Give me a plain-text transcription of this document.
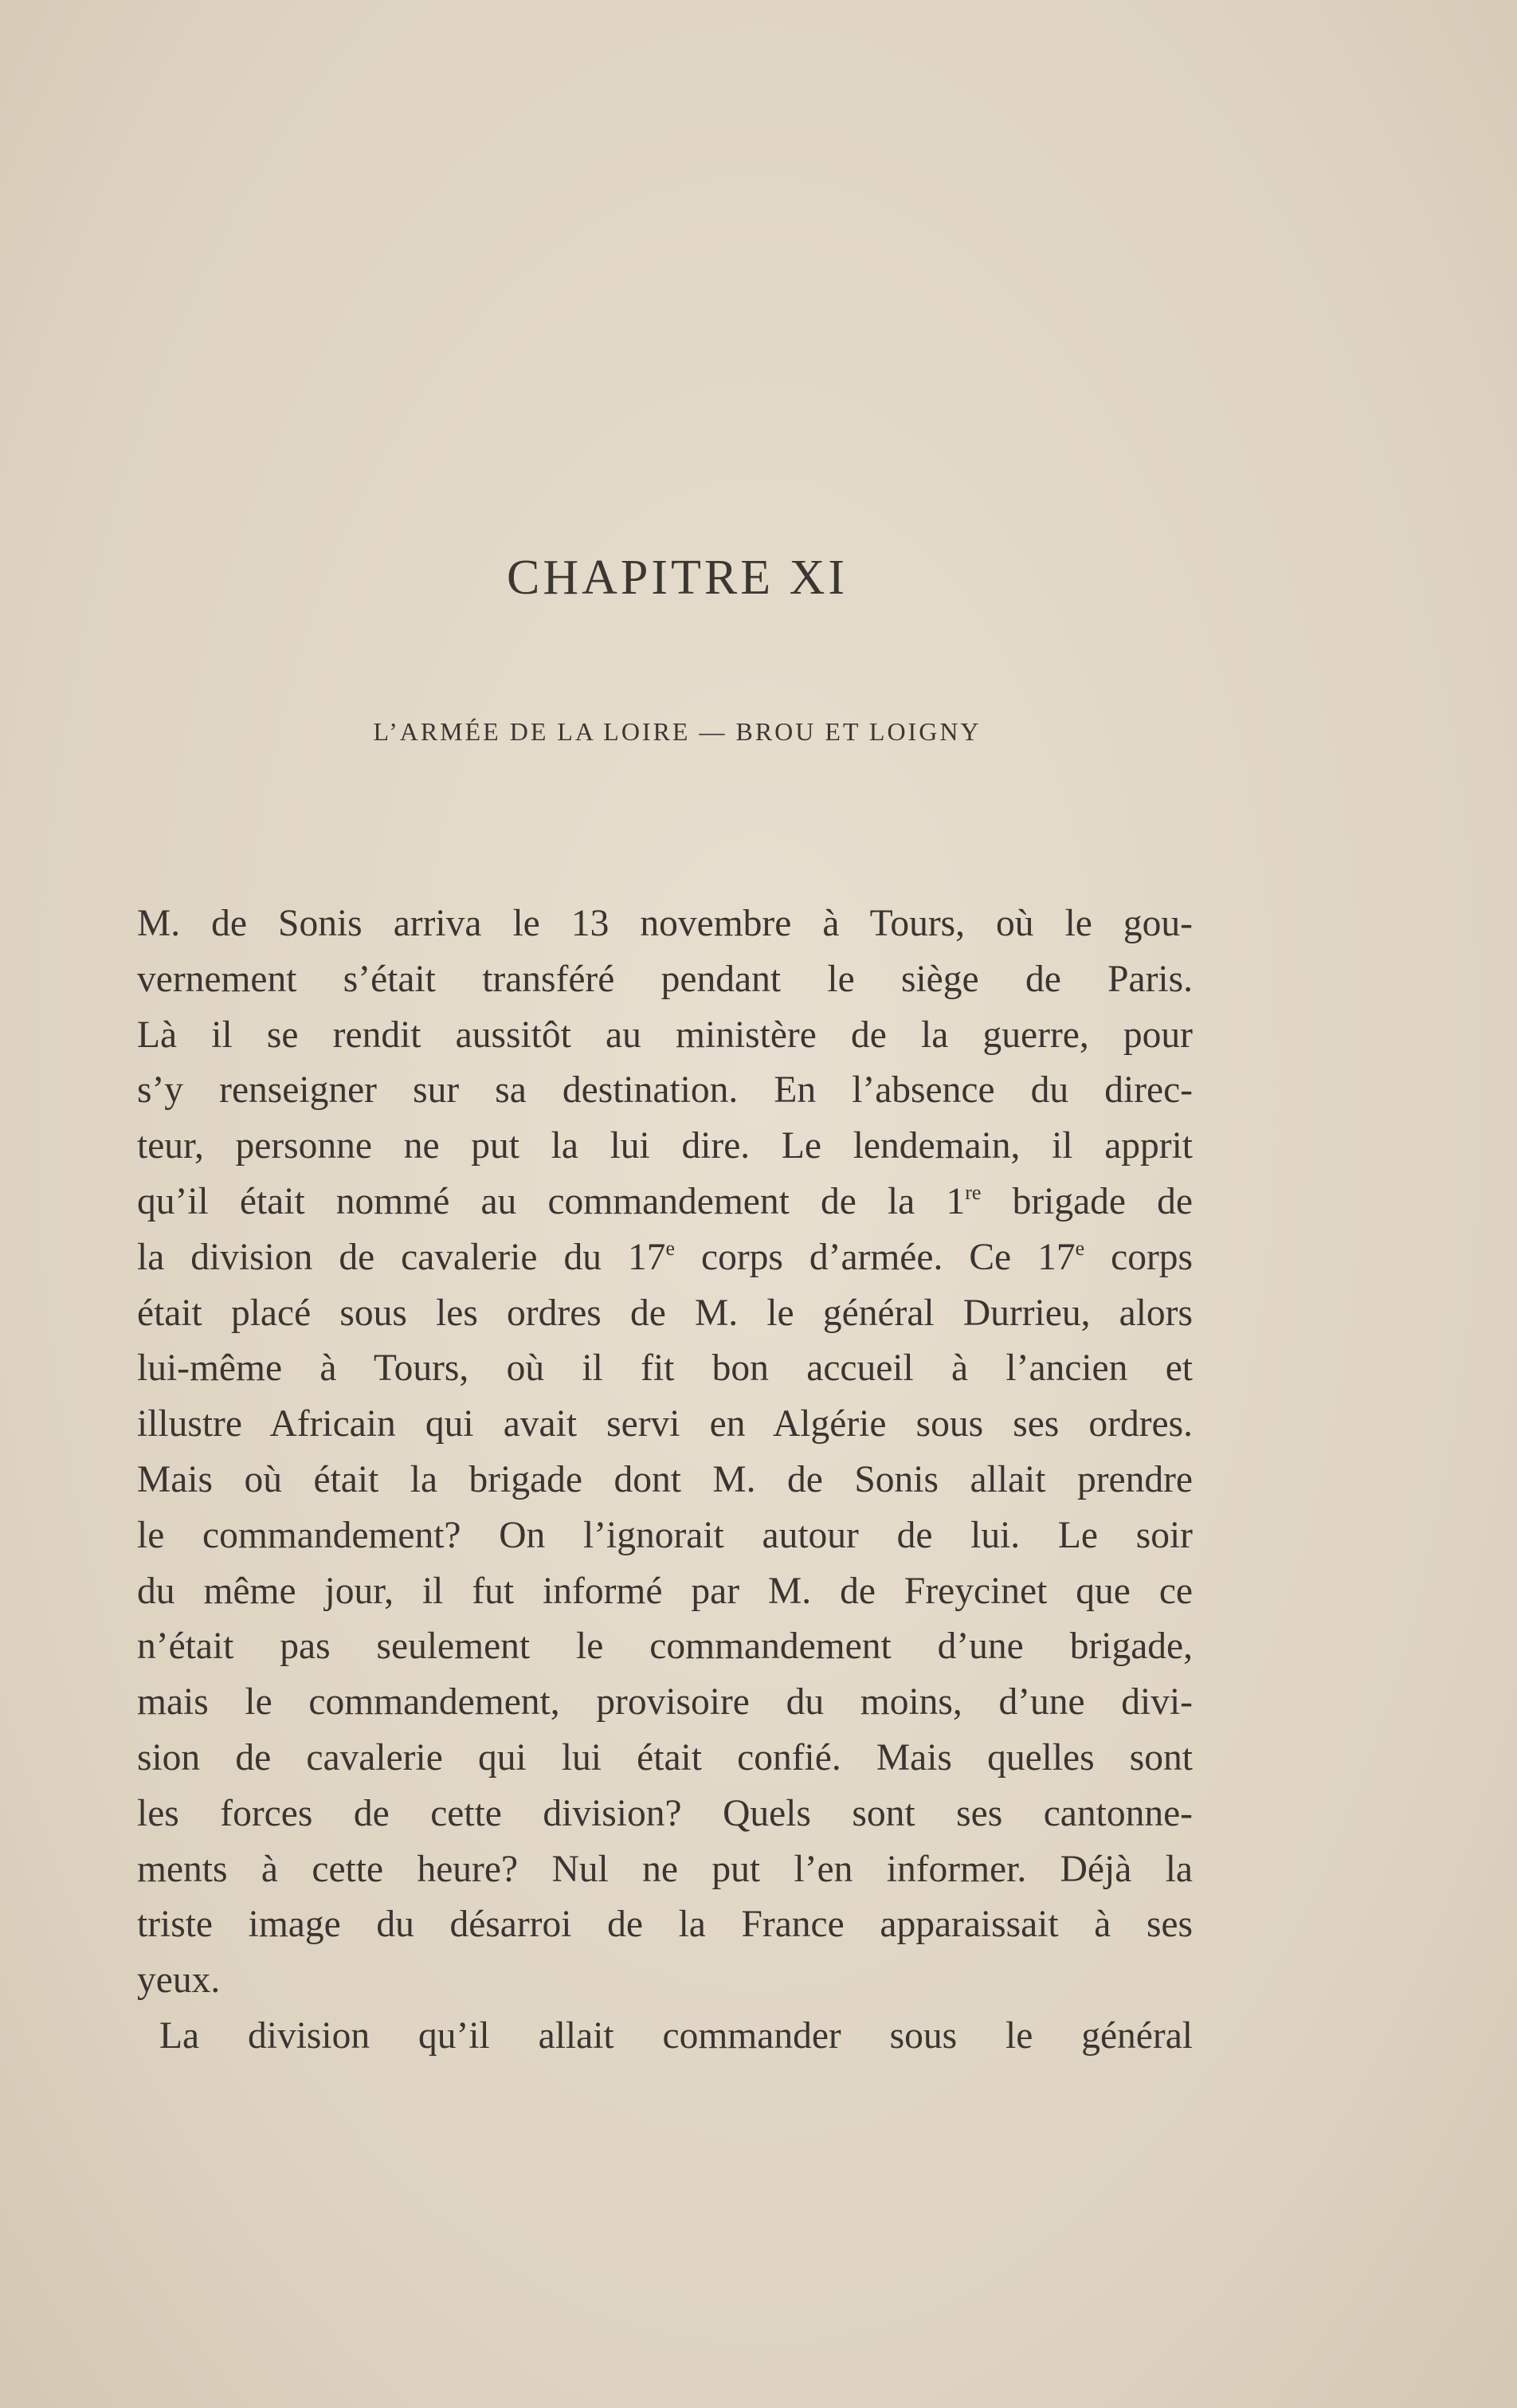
CHAPITRE XI
L’ARMÉE DE LA LOIRE — BROU ET LOIGNY
M. de Sonis arriva le 13 novembre à Tours, où le gou-
vernement s’était transféré pendant le siège de Paris.
Là il se rendit aussitôt au ministère de la guerre, pour
s’y renseigner sur sa destination. En l’absence du direc-
teur, personne ne put la lui dire. Le lendemain, il apprit
qu’il était nommé au commandement de la 1re brigade de
la division de cavalerie du 17e corps d’armée. Ce 17e corps
était placé sous les ordres de M. le général Durrieu, alors
lui-même à Tours, où il fit bon accueil à l’ancien et
illustre Africain qui avait servi en Algérie sous ses ordres.
Mais où était la brigade dont M. de Sonis allait prendre
le commandement? On l’ignorait autour de lui. Le soir
du même jour, il fut informé par M. de Freycinet que ce
n’était pas seulement le commandement d’une brigade,
mais le commandement, provisoire du moins, d’une divi-
sion de cavalerie qui lui était confié. Mais quelles sont
les forces de cette division? Quels sont ses cantonne-
ments à cette heure? Nul ne put l’en informer. Déjà la
triste image du désarroi de la France apparaissait à ses
yeux.
La division qu’il allait commander sous le général
